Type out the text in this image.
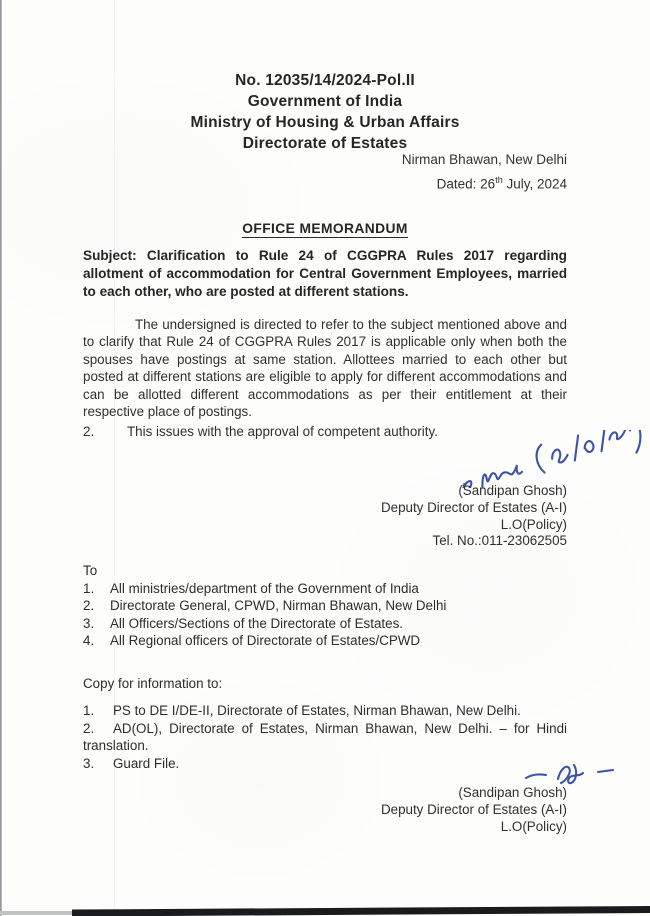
No. 12035/14/2024-Pol.II
Government of India
Ministry of Housing & Urban Affairs
Directorate of Estates
Nirman Bhawan, New Delhi
Dated: 26th July, 2024
OFFICE MEMORANDUM
Subject: Clarification to Rule 24 of CGGPRA Rules 2017 regarding allotment of accommodation for Central Government Employees, married to each other, who are posted at different stations.
The undersigned is directed to refer to the subject mentioned above and to clarify that Rule 24 of CGGPRA Rules 2017 is applicable only when both the spouses have postings at same station. Allottees married to each other but posted at different stations are eligible to apply for different accommodations and can be allotted different accommodations as per their entitlement at their respective place of postings.
2. This issues with the approval of competent authority.
(Sandipan Ghosh)
Deputy Director of Estates (A-I)
L.O(Policy)
Tel. No.:011-23062505
To
1.	All ministries/department of the Government of India
2.	Directorate General, CPWD, Nirman Bhawan, New Delhi
3.	All Officers/Sections of the Directorate of Estates.
4.	All Regional officers of Directorate of Estates/CPWD
Copy for information to:

1. PS to DE I/DE-II, Directorate of Estates, Nirman Bhawan, New Delhi.

2. AD(OL), Directorate of Estates, Nirman Bhawan, New Delhi. – for Hindi translation.

3. Guard File.

(Sandipan Ghosh)
Deputy Director of Estates (A-I)
L.O(Policy)
